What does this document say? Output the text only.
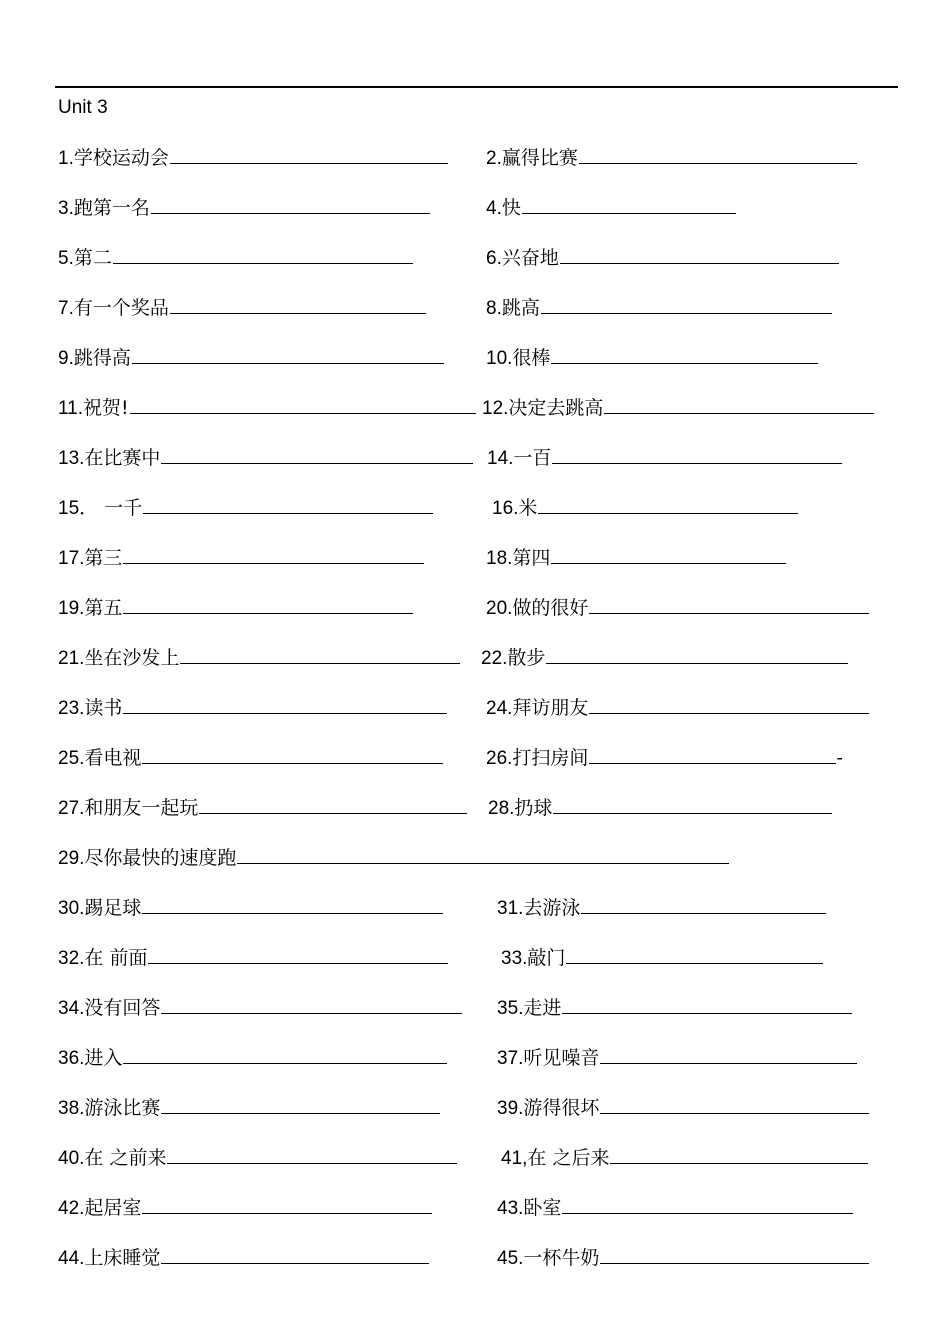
Unit 3
1.学校运动会	2.赢得比赛
3.跑第一名	4.快
5.第二	6.兴奋地
7.有一个奖品	8.跳高
9.跳得高	10.很棒
11.祝贺!	12.决定去跳高
13.在比赛中	14.一百
15． 一千	16.米
17.第三	18.第四
19.第五	20.做的很好
21.坐在沙发上	22.散步
23.读书	24.拜访朋友
25.看电视	26.打扫房间	-
27.和朋友一起玩	28.扔球
29.尽你最快的速度跑
30.踢足球	31.去游泳
32.在 前面	33.敲门
34.没有回答	35.走进
36.进入	37.听见噪音
38.游泳比赛	39.游得很坏
40.在 之前来	41,在 之后来
42.起居室	43.卧室
44.上床睡觉	45.一杯牛奶
